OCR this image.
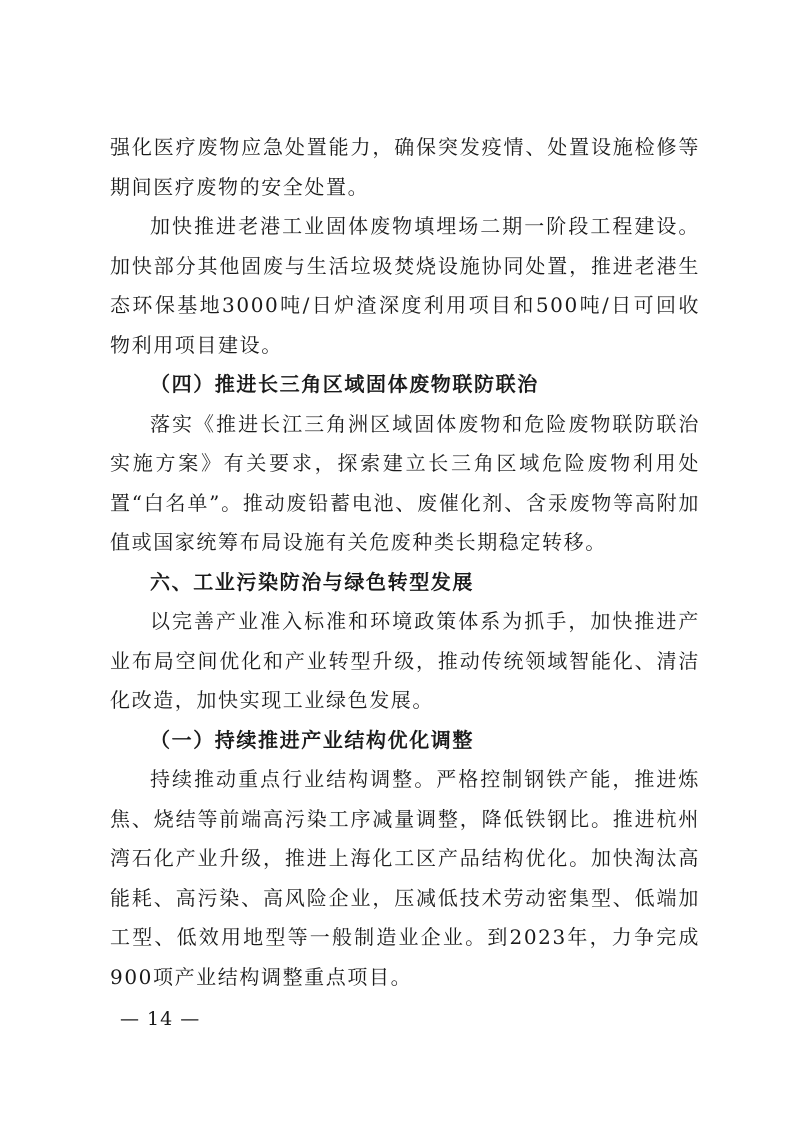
强化医疗废物应急处置能力，确保突发疫情、处置设施检修等期间医疗废物的安全处置。

加快推进老港工业固体废物填埋场二期一阶段工程建设。加快部分其他固废与生活垃圾焚烧设施协同处置，推进老港生态环保基地3000吨/日炉渣深度利用项目和500吨/日可回收物利用项目建设。

（四）推进长三角区域固体废物联防联治

落实《推进长江三角洲区域固体废物和危险废物联防联治实施方案》有关要求，探索建立长三角区域危险废物利用处置“白名单”。推动废铅蓄电池、废催化剂、含汞废物等高附加值或国家统筹布局设施有关危废种类长期稳定转移。

六、工业污染防治与绿色转型发展

以完善产业准入标准和环境政策体系为抓手，加快推进产业布局空间优化和产业转型升级，推动传统领域智能化、清洁化改造，加快实现工业绿色发展。

（一）持续推进产业结构优化调整

持续推动重点行业结构调整。严格控制钢铁产能，推进炼焦、烧结等前端高污染工序减量调整，降低铁钢比。推进杭州湾石化产业升级，推进上海化工区产品结构优化。加快淘汰高能耗、高污染、高风险企业，压减低技术劳动密集型、低端加工型、低效用地型等一般制造业企业。到2023年，力争完成900项产业结构调整重点项目。

— 14 —
